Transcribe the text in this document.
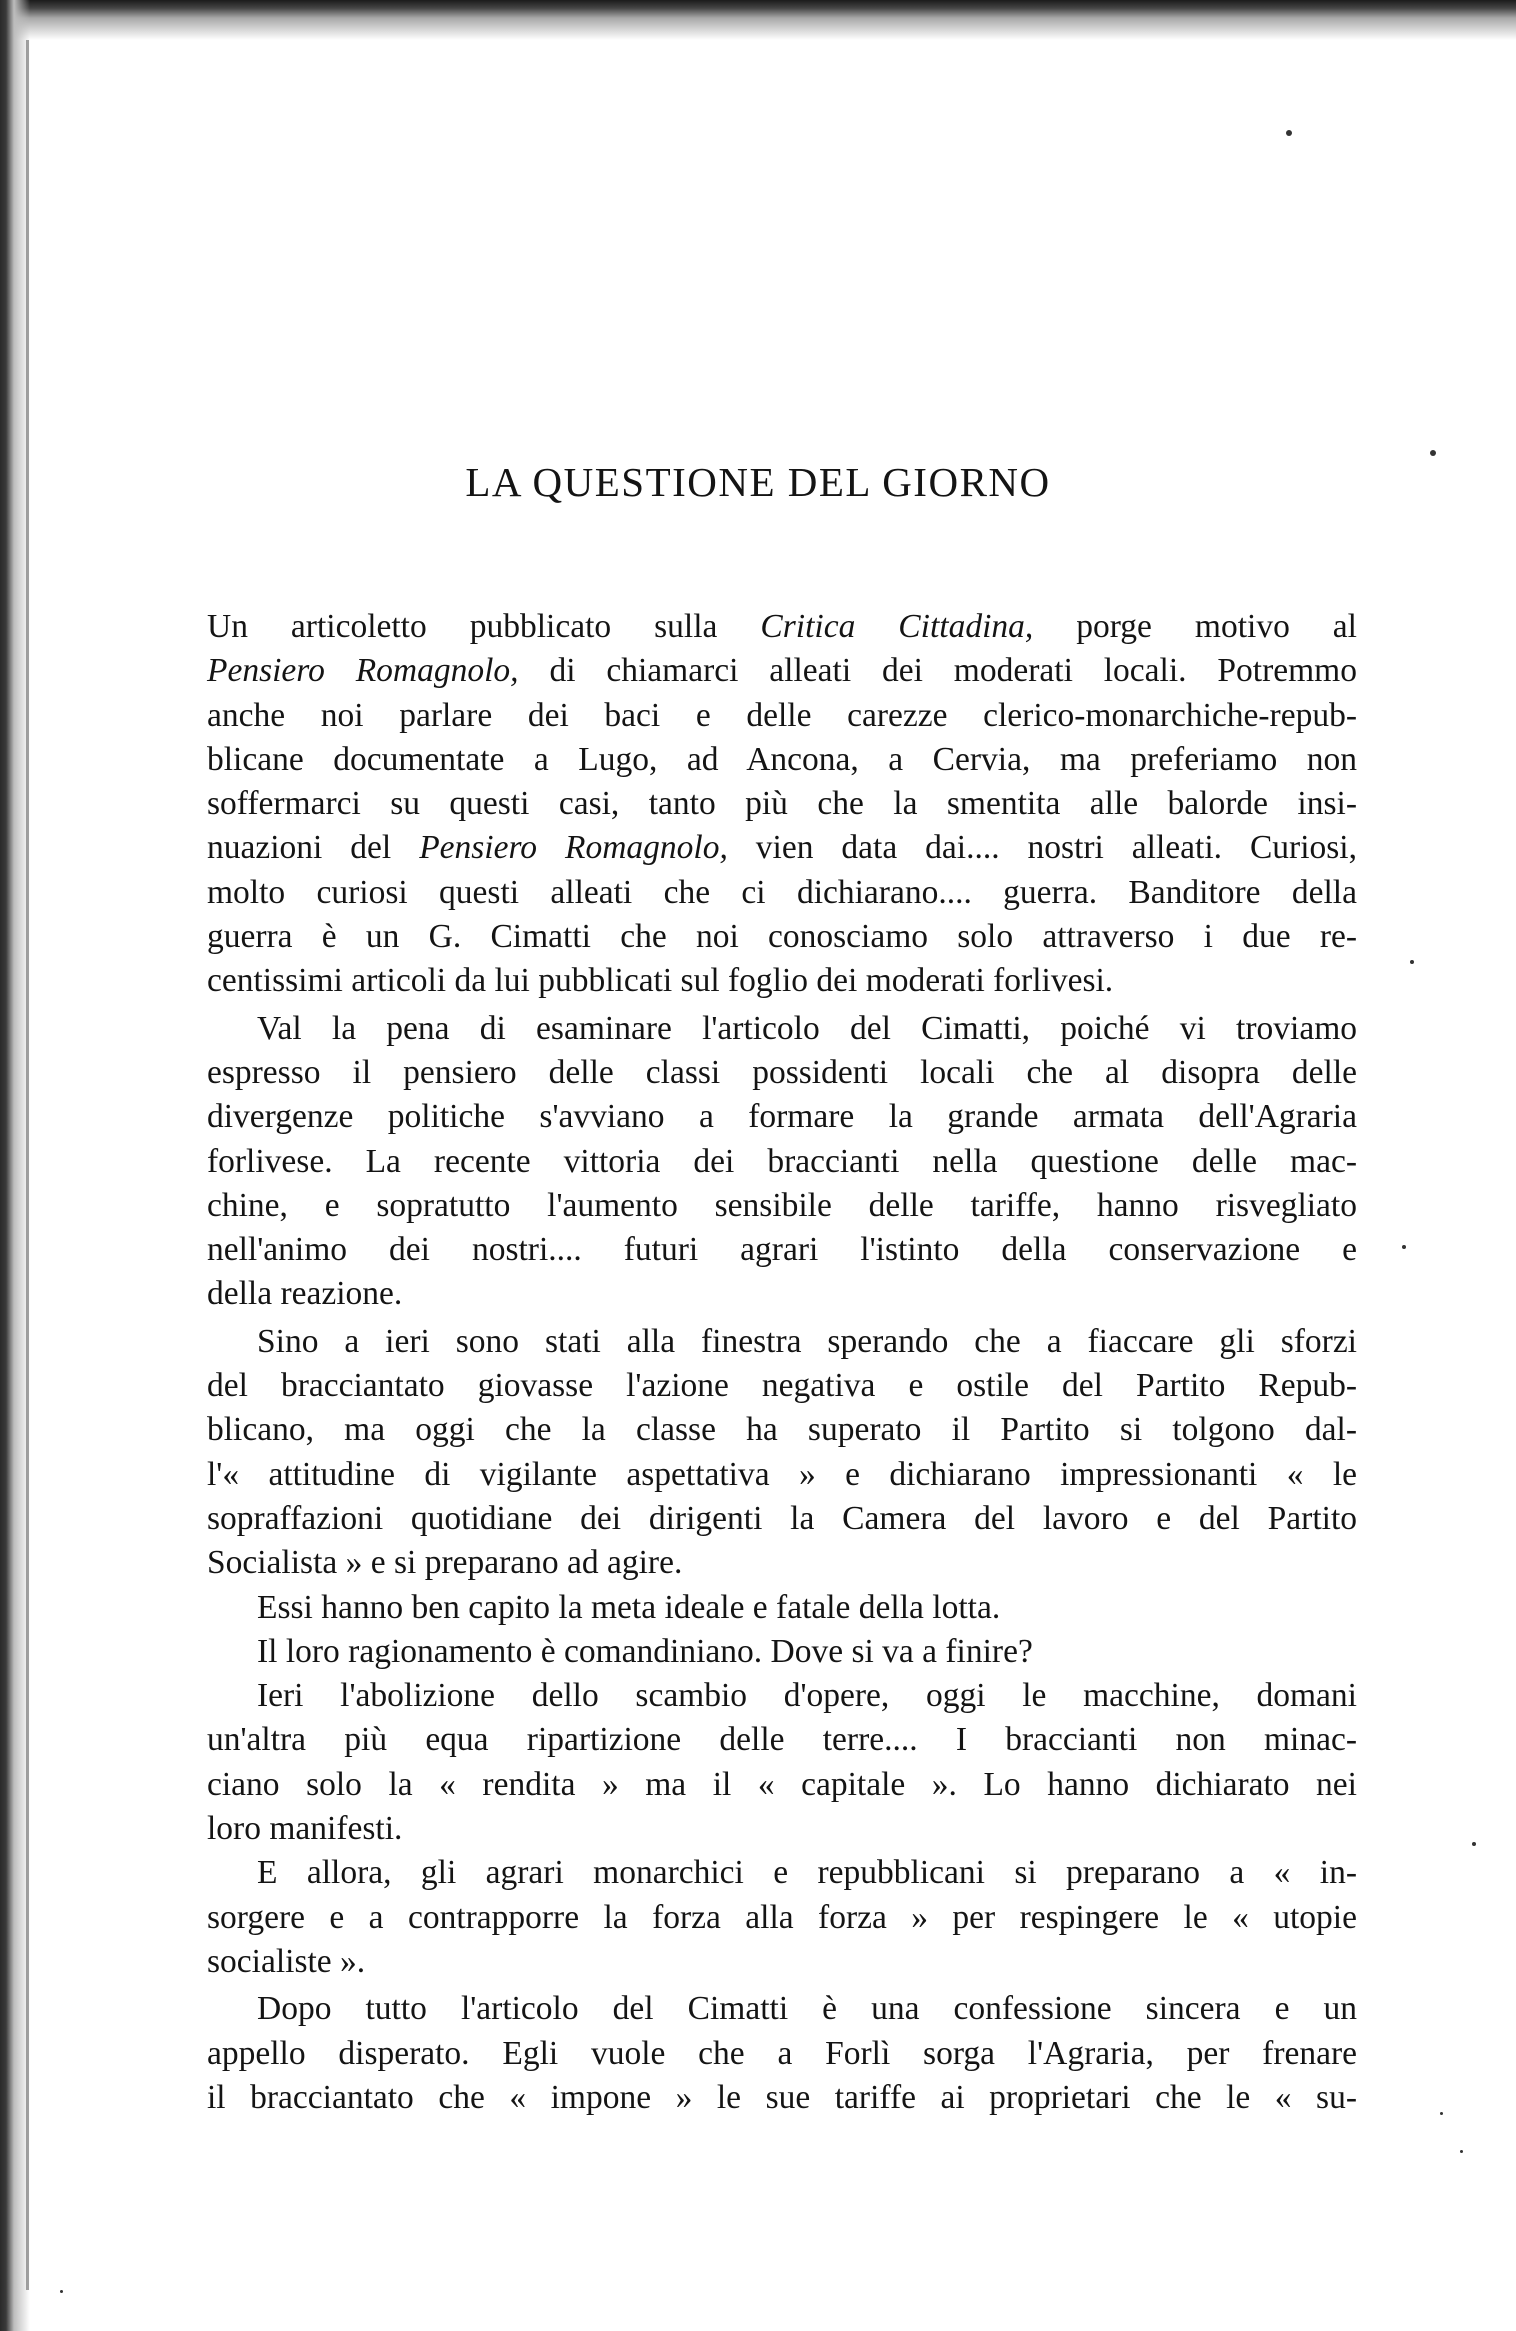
LA QUESTIONE DEL GIORNO
Un articoletto pubblicato sulla Critica Cittadina, porge motivo al
Pensiero Romagnolo, di chiamarci alleati dei moderati locali. Potremmo
anche noi parlare dei baci e delle carezze clerico-monarchiche-repub-
blicane documentate a Lugo, ad Ancona, a Cervia, ma preferiamo non
soffermarci su questi casi, tanto più che la smentita alle balorde insi-
nuazioni del Pensiero Romagnolo, vien data dai.... nostri alleati. Curiosi,
molto curiosi questi alleati che ci dichiarano.... guerra. Banditore della
guerra è un G. Cimatti che noi conosciamo solo attraverso i due re-
centissimi articoli da lui pubblicati sul foglio dei moderati forlivesi.
Val la pena di esaminare l'articolo del Cimatti, poiché vi troviamo
espresso il pensiero delle classi possidenti locali che al disopra delle
divergenze politiche s'avviano a formare la grande armata dell'Agraria
forlivese. La recente vittoria dei braccianti nella questione delle mac-
chine, e sopratutto l'aumento sensibile delle tariffe, hanno risvegliato
nell'animo dei nostri.... futuri agrari l'istinto della conservazione e
della reazione.
Sino a ieri sono stati alla finestra sperando che a fiaccare gli sforzi
del bracciantato giovasse l'azione negativa e ostile del Partito Repub-
blicano, ma oggi che la classe ha superato il Partito si tolgono dal-
l'« attitudine di vigilante aspettativa » e dichiarano impressionanti « le
sopraffazioni quotidiane dei dirigenti la Camera del lavoro e del Partito
Socialista » e si preparano ad agire.
Essi hanno ben capito la meta ideale e fatale della lotta.
Il loro ragionamento è comandiniano. Dove si va a finire?
Ieri l'abolizione dello scambio d'opere, oggi le macchine, domani
un'altra più equa ripartizione delle terre.... I braccianti non minac-
ciano solo la « rendita » ma il « capitale ». Lo hanno dichiarato nei
loro manifesti.
E allora, gli agrari monarchici e repubblicani si preparano a « in-
sorgere e a contrapporre la forza alla forza » per respingere le « utopie
socialiste ».
Dopo tutto l'articolo del Cimatti è una confessione sincera e un
appello disperato. Egli vuole che a Forlì sorga l'Agraria, per frenare
il bracciantato che « impone » le sue tariffe ai proprietari che le « su-
